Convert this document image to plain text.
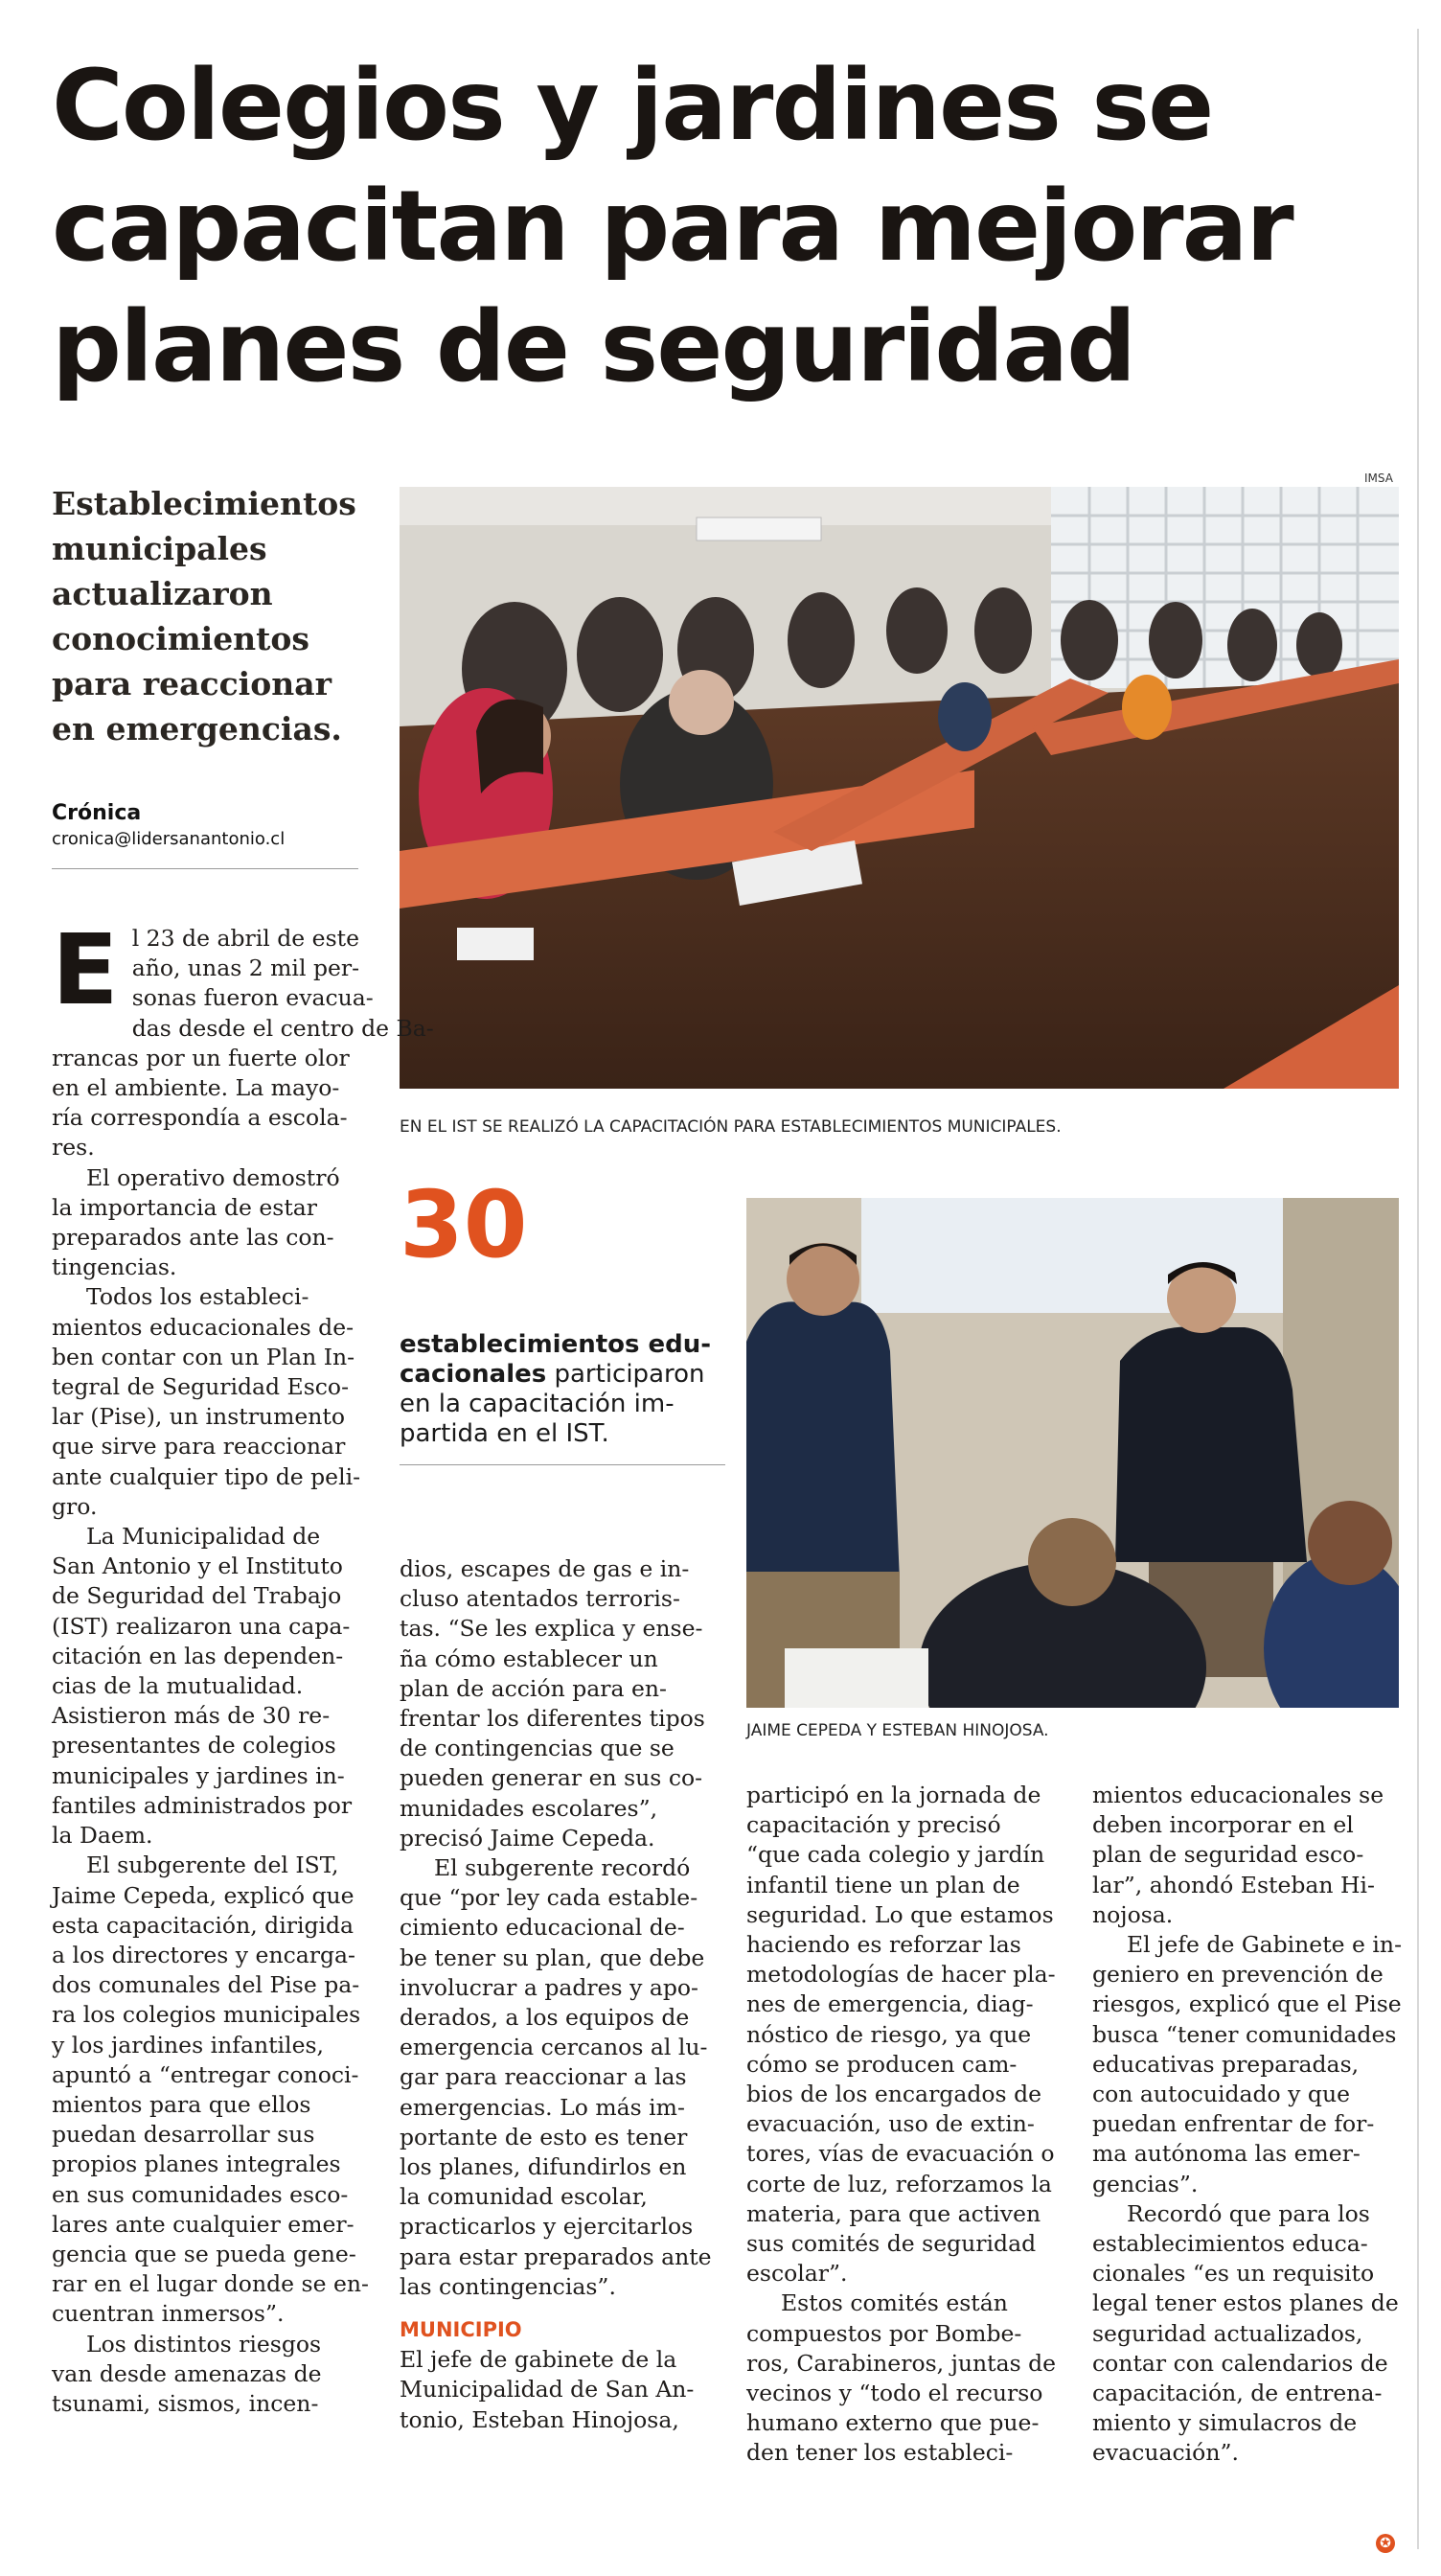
Colegios y jardines se
capacitan para mejorar
planes de seguridad
Establecimientos
municipales
actualizaron
conocimientos
para reaccionar
en emergencias.
Crónica
cronica@lidersanantonio.cl
IMSA
EN EL IST SE REALIZÓ LA CAPACITACIÓN PARA ESTABLECIMIENTOS MUNICIPALES.
30
establecimientos edu-
cacionales participaron
en la capacitación im-
partida en el IST.
JAIME CEPEDA Y ESTEBAN HINOJOSA.
E l 23 de abril de este
año, unas 2 mil per-
sonas fueron evacua-
das desde el centro de Ba-
rrancas por un fuerte olor
en el ambiente. La mayo-
ría correspondía a escola-
res.
El operativo demostró
la importancia de estar
preparados ante las con-
tingencias.
Todos los estableci-
mientos educacionales de-
ben contar con un Plan In-
tegral de Seguridad Esco-
lar (Pise), un instrumento
que sirve para reaccionar
ante cualquier tipo de peli-
gro.
La Municipalidad de
San Antonio y el Instituto
de Seguridad del Trabajo
(IST) realizaron una capa-
citación en las dependen-
cias de la mutualidad.
Asistieron más de 30 re-
presentantes de colegios
municipales y jardines in-
fantiles administrados por
la Daem.
El subgerente del IST,
Jaime Cepeda, explicó que
esta capacitación, dirigida
a los directores y encarga-
dos comunales del Pise pa-
ra los colegios municipales
y los jardines infantiles,
apuntó a “entregar conoci-
mientos para que ellos
puedan desarrollar sus
propios planes integrales
en sus comunidades esco-
lares ante cualquier emer-
gencia que se pueda gene-
rar en el lugar donde se en-
cuentran inmersos”.
Los distintos riesgos
van desde amenazas de
tsunami, sismos, incen-
dios, escapes de gas e in-
cluso atentados terroris-
tas. “Se les explica y ense-
ña cómo establecer un
plan de acción para en-
frentar los diferentes tipos
de contingencias que se
pueden generar en sus co-
munidades escolares”,
precisó Jaime Cepeda.
El subgerente recordó
que “por ley cada estable-
cimiento educacional de-
be tener su plan, que debe
involucrar a padres y apo-
derados, a los equipos de
emergencia cercanos al lu-
gar para reaccionar a las
emergencias. Lo más im-
portante de esto es tener
los planes, difundirlos en
la comunidad escolar,
practicarlos y ejercitarlos
para estar preparados ante
las contingencias”.
MUNICIPIO
El jefe de gabinete de la
Municipalidad de San An-
tonio, Esteban Hinojosa,
participó en la jornada de
capacitación y precisó
“que cada colegio y jardín
infantil tiene un plan de
seguridad. Lo que estamos
haciendo es reforzar las
metodologías de hacer pla-
nes de emergencia, diag-
nóstico de riesgo, ya que
cómo se producen cam-
bios de los encargados de
evacuación, uso de extin-
tores, vías de evacuación o
corte de luz, reforzamos la
materia, para que activen
sus comités de seguridad
escolar”.
Estos comités están
compuestos por Bombe-
ros, Carabineros, juntas de
vecinos y “todo el recurso
humano externo que pue-
den tener los estableci-
mientos educacionales se
deben incorporar en el
plan de seguridad esco-
lar”, ahondó Esteban Hi-
nojosa.
El jefe de Gabinete e in-
geniero en prevención de
riesgos, explicó que el Pise
busca “tener comunidades
educativas preparadas,
con autocuidado y que
puedan enfrentar de for-
ma autónoma las emer-
gencias”.
Recordó que para los
establecimientos educa-
cionales “es un requisito
legal tener estos planes de
seguridad actualizados,
contar con calendarios de
capacitación, de entrena-
miento y simulacros de
evacuación”.
✪
